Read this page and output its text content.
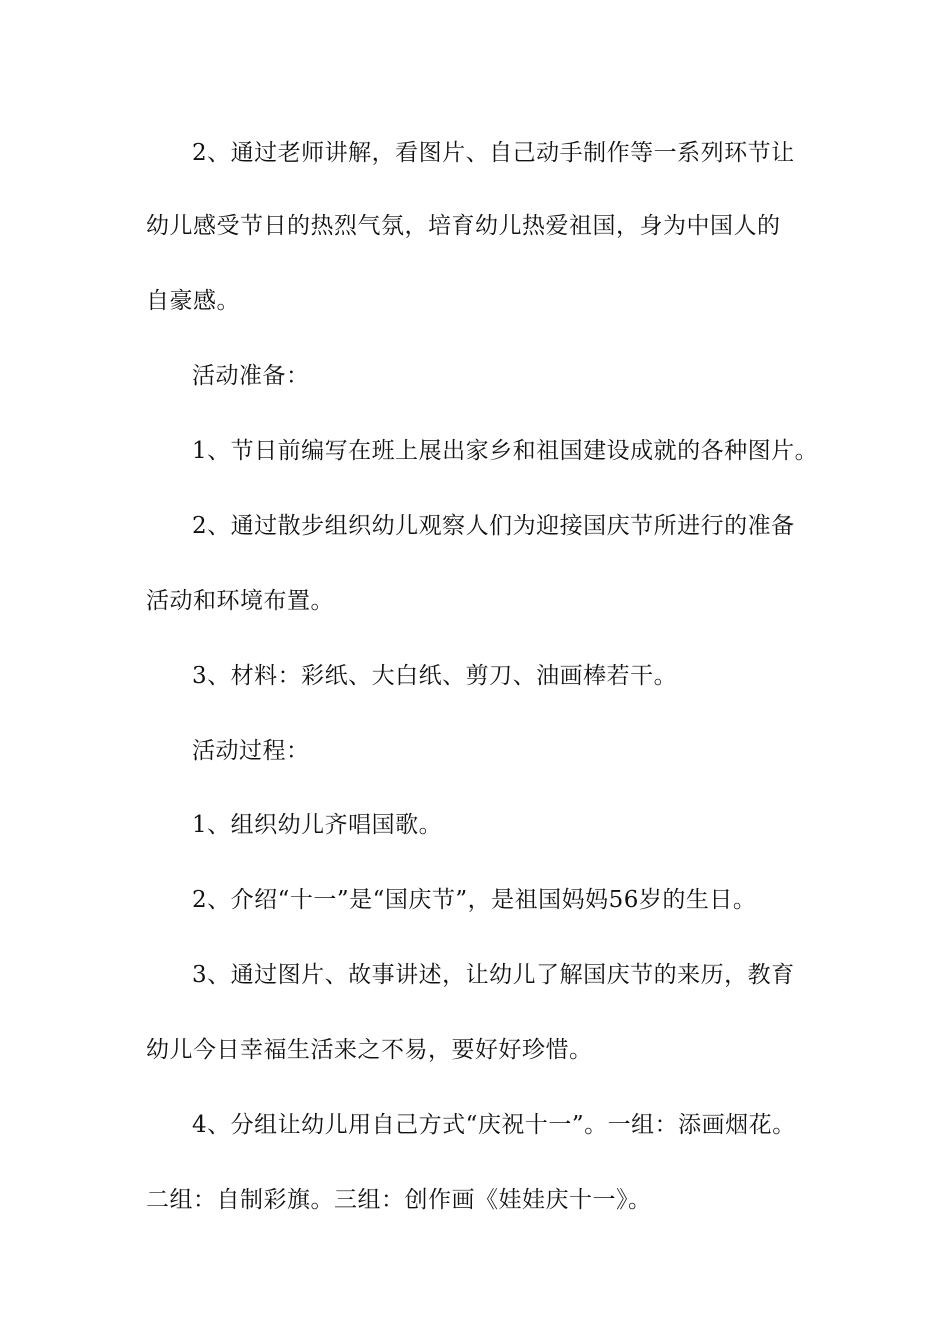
2、通过老师讲解，看图片、自己动手制作等一系列环节让
幼儿感受节日的热烈气氛，培育幼儿热爱祖国，身为中国人的
自豪感。
活动准备：
1、节日前编写在班上展出家乡和祖国建设成就的各种图片。
2、通过散步组织幼儿观察人们为迎接国庆节所进行的准备
活动和环境布置。
3、材料：彩纸、大白纸、剪刀、油画棒若干。
活动过程：
1、组织幼儿齐唱国歌。
2、介绍“十一”是“国庆节”，是祖国妈妈56岁的生日。
3、通过图片、故事讲述，让幼儿了解国庆节的来历，教育
幼儿今日幸福生活来之不易，要好好珍惜。
4、分组让幼儿用自己方式“庆祝十一”。一组：添画烟花。
二组：自制彩旗。三组：创作画《娃娃庆十一》。
